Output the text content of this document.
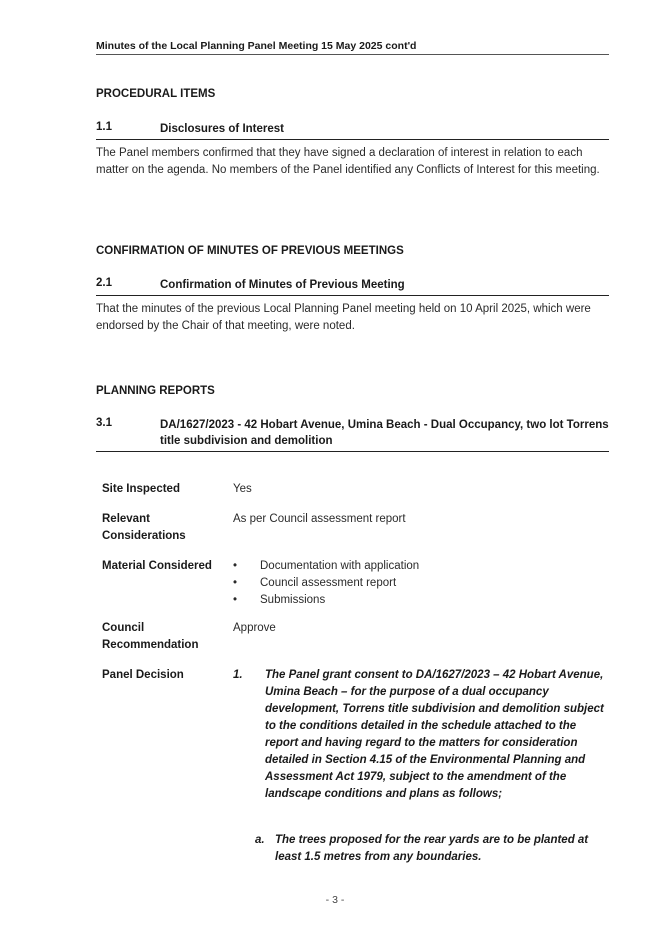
Minutes of the Local Planning Panel Meeting 15 May 2025 cont'd
PROCEDURAL ITEMS
1.1	Disclosures of Interest
The Panel members confirmed that they have signed a declaration of interest in relation to each matter on the agenda. No members of the Panel identified any Conflicts of Interest for this meeting.
CONFIRMATION OF MINUTES OF PREVIOUS MEETINGS
2.1	Confirmation of Minutes of Previous Meeting
That the minutes of the previous Local Planning Panel meeting held on 10 April 2025, which were endorsed by the Chair of that meeting, were noted.
PLANNING REPORTS
3.1	DA/1627/2023 - 42 Hobart Avenue, Umina Beach - Dual Occupancy, two lot Torrens title subdivision and demolition
Site Inspected	Yes
Relevant Considerations
As per Council assessment report
Material Considered
•	Documentation with application
• Council assessment report
• Submissions
Council Recommendation
Approve
Panel Decision	1. The Panel grant consent to DA/1627/2023 – 42 Hobart Avenue, Umina Beach – for the purpose of a dual occupancy development, Torrens title subdivision and demolition subject to the conditions detailed in the schedule attached to the report and having regard to the matters for consideration detailed in Section 4.15 of the Environmental Planning and Assessment Act 1979, subject to the amendment of the landscape conditions and plans as follows;
a. The trees proposed for the rear yards are to be planted at least 1.5 metres from any boundaries.
- 3 -
